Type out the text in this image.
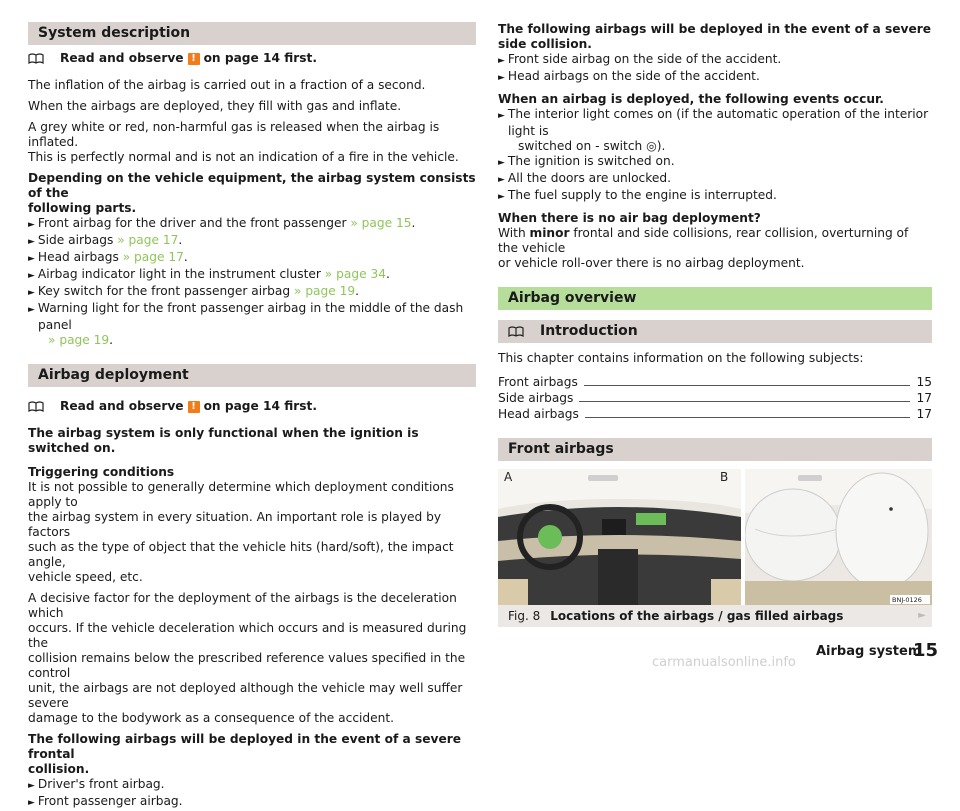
System description
Read and observe ! on page 14 first.

The inflation of the airbag is carried out in a fraction of a second.

When the airbags are deployed, they fill with gas and inflate.

A grey white or red, non-harmful gas is released when the airbag is inflated.
This is perfectly normal and is not an indication of a fire in the vehicle.

Depending on the vehicle equipment, the airbag system consists of the
following parts.

► Front airbag for the driver and the front passenger » page 15.
► Side airbags » page 17.
► Head airbags » page 17.
► Airbag indicator light in the instrument cluster » page 34.
► Key switch for the front passenger airbag » page 19.
► Warning light for the front passenger airbag in the middle of the dash panel
» page 19.
Airbag deployment
Read and observe ! on page 14 first.

The airbag system is only functional when the ignition is switched on.

Triggering conditions
It is not possible to generally determine which deployment conditions apply to
the airbag system in every situation. An important role is played by factors
such as the type of object that the vehicle hits (hard/soft), the impact angle,
vehicle speed, etc.

A decisive factor for the deployment of the airbags is the deceleration which
occurs. If the vehicle deceleration which occurs and is measured during the
collision remains below the prescribed reference values specified in the control
unit, the airbags are not deployed although the vehicle may well suffer severe
damage to the bodywork as a consequence of the accident.

The following airbags will be deployed in the event of a severe frontal
collision.

► Driver's front airbag.
► Front passenger airbag.

The following airbags will be deployed in the event of a severe side collision.

► Front side airbag on the side of the accident.
► Head airbags on the side of the accident.

When an airbag is deployed, the following events occur.

► The interior light comes on (if the automatic operation of the interior light is
switched on - switch ◎).
► The ignition is switched on.
► All the doors are unlocked.
► The fuel supply to the engine is interrupted.

When there is no air bag deployment?
With minor frontal and side collisions, rear collision, overturning of the vehicle
or vehicle roll-over there is no airbag deployment.

Airbag overview
Introduction

This chapter contains information on the following subjects:

Front airbags	15
Side airbags	17
Head airbags	17
Front airbags
A	B
BNJ-0126
Fig. 8 Locations of the airbags / gas filled airbags	►
Airbag system
15
carmanualsonline.info
